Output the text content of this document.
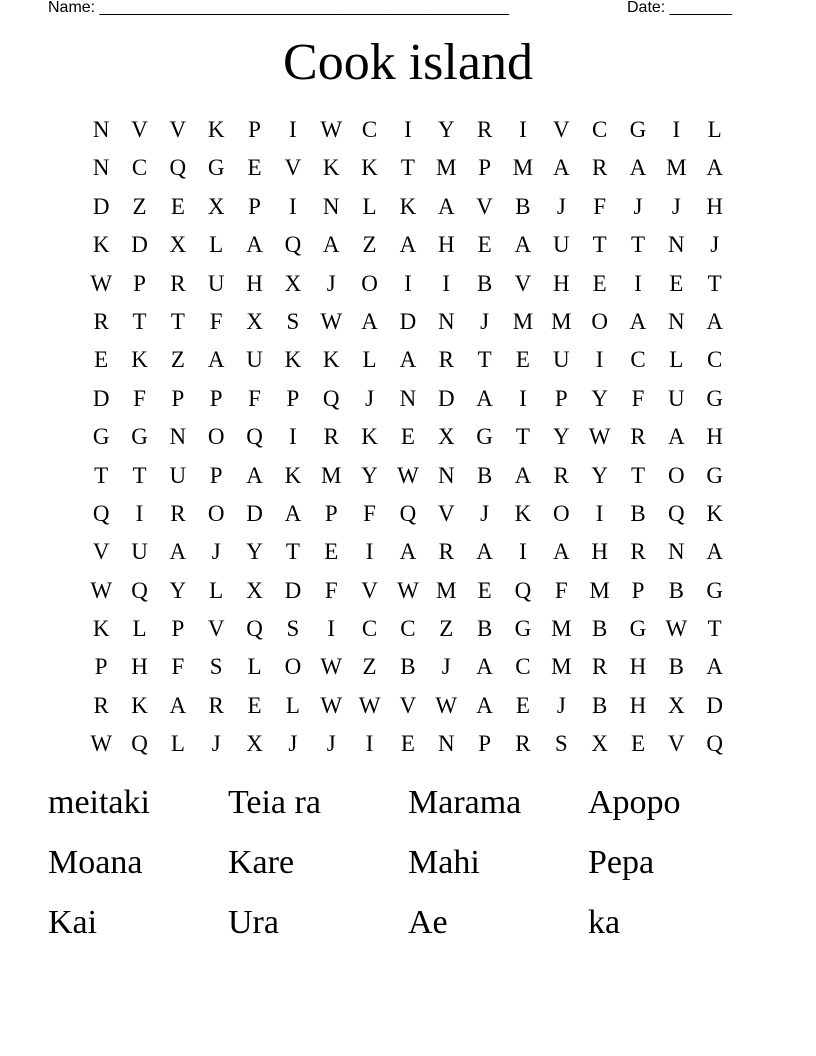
Name: ______________________________________________	Date: _______
Cook island
N V V K	P	I	W C	I	Y R	I	V C G	I	L
N C Q G	E	V K K	T M P M A R A M A
D	Z	E	X	P	I	N	L	K A V B	J	F	J	J	H
K D X	L	A Q A	Z	A H	E	A U	T	T	N	J
W P	R U H X	J	O	I	I	B V H	E	I	E	T
R	T	T	F	X	S W A D N	J	M M O A N A
E	K	Z	A U K K	L	A R	T	E	U	I	C	L	C
D	F	P	P	F	P	Q	J	N D A	I	P	Y	F	U G
G G N O Q	I	R K	E	X G	T	Y W R A H
T	T	U	P	A K M Y W N B A R Y	T	O G
Q	I	R O D A	P	F	Q V	J	K O	I	B Q K
V U A	J	Y	T	E	I	A R A	I	A H R N A
W Q Y	L	X D	F	V W M E	Q	F M P	B G
K	L	P	V Q	S	I	C	C	Z	B G M B G W T
P	H	F	S	L	O W Z	B	J	A C M R H B A
R K A R	E	L W W V W A	E	J	B H X D
W Q	L	J	X	J	J	I	E	N	P	R	S	X	E	V Q
meitaki	Teia ra	Marama	Apopo
Moana	Kare	Mahi	Pepa
Kai	Ura	Ae	ka
